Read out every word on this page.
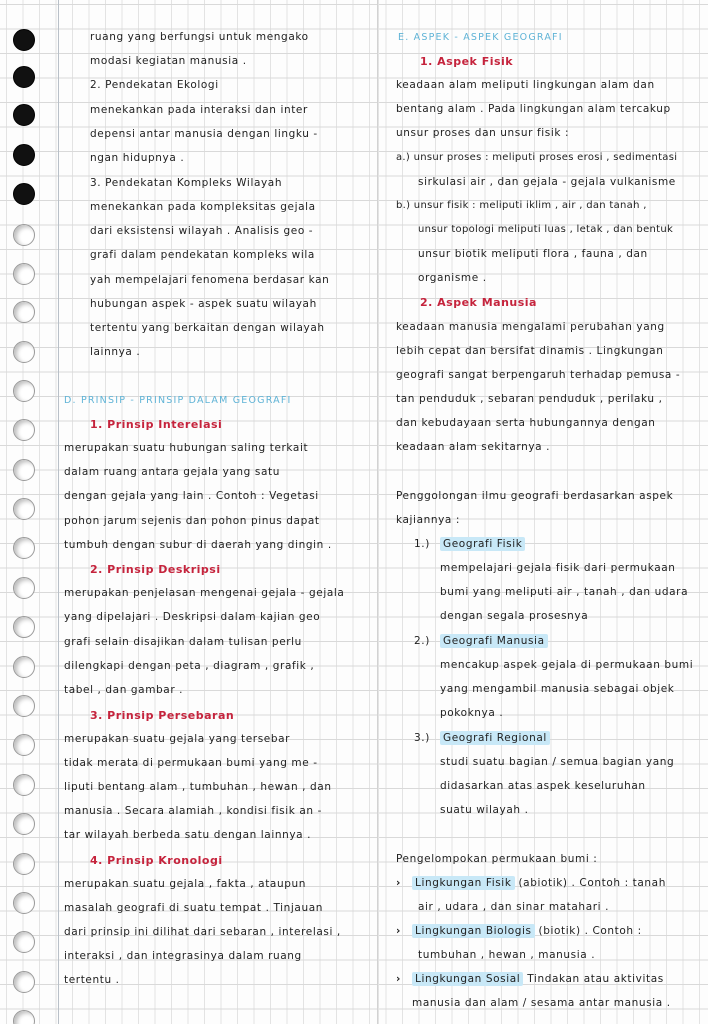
ruang yang berfungsi untuk mengako
modasi kegiatan manusia .
2. Pendekatan Ekologi
menekankan pada interaksi dan inter
depensi antar manusia dengan lingku -
ngan hidupnya .
3. Pendekatan Kompleks Wilayah
menekankan pada kompleksitas gejala
dari eksistensi wilayah . Analisis geo -
grafi dalam pendekatan kompleks wila
yah mempelajari fenomena berdasar kan
hubungan aspek - aspek suatu wilayah
tertentu yang berkaitan dengan wilayah
lainnya .
D. PRINSIP - PRINSIP DALAM GEOGRAFI
1. Prinsip Interelasi
merupakan suatu hubungan saling terkait
dalam ruang antara gejala yang satu
dengan gejala yang lain . Contoh : Vegetasi
pohon jarum sejenis dan pohon pinus dapat
tumbuh dengan subur di daerah yang dingin .
2. Prinsip Deskripsi
merupakan penjelasan mengenai gejala - gejala
yang dipelajari . Deskripsi dalam kajian geo
grafi selain disajikan dalam tulisan perlu
dilengkapi dengan peta , diagram , grafik ,
tabel , dan gambar .
3. Prinsip Persebaran
merupakan suatu gejala yang tersebar
tidak merata di permukaan bumi yang me -
liputi bentang alam , tumbuhan , hewan , dan
manusia . Secara alamiah , kondisi fisik an -
tar wilayah berbeda satu dengan lainnya .
4. Prinsip Kronologi
merupakan suatu gejala , fakta , ataupun
masalah geografi di suatu tempat . Tinjauan
dari prinsip ini dilihat dari sebaran , interelasi ,
interaksi , dan integrasinya dalam ruang
tertentu .
E. ASPEK - ASPEK GEOGRAFI
1. Aspek Fisik
keadaan alam meliputi lingkungan alam dan
bentang alam . Pada lingkungan alam tercakup
unsur proses dan unsur fisik :
a.) unsur proses : meliputi proses erosi , sedimentasi
sirkulasi air , dan gejala - gejala vulkanisme
b.) unsur fisik : meliputi iklim , air , dan tanah ,
unsur topologi meliputi luas , letak , dan bentuk
unsur biotik meliputi flora , fauna , dan
organisme .
2. Aspek Manusia
keadaan manusia mengalami perubahan yang
lebih cepat dan bersifat dinamis . Lingkungan
geografi sangat berpengaruh terhadap pemusa -
tan penduduk , sebaran penduduk , perilaku ,
dan kebudayaan serta hubungannya dengan
keadaan alam sekitarnya .
Penggolongan ilmu geografi berdasarkan aspek
kajiannya :
1.) Geografi Fisik
mempelajari gejala fisik dari permukaan
bumi yang meliputi air , tanah , dan udara
dengan segala prosesnya
2.) Geografi Manusia
mencakup aspek gejala di permukaan bumi
yang mengambil manusia sebagai objek
pokoknya .
3.) Geografi Regional
studi suatu bagian / semua bagian yang
didasarkan atas aspek keseluruhan
suatu wilayah .
Pengelompokan permukaan bumi :
› Lingkungan Fisik (abiotik) . Contoh : tanah
air , udara , dan sinar matahari .
› Lingkungan Biologis (biotik) . Contoh :
tumbuhan , hewan , manusia .
› Lingkungan Sosial Tindakan atau aktivitas
manusia dan alam / sesama antar manusia .
